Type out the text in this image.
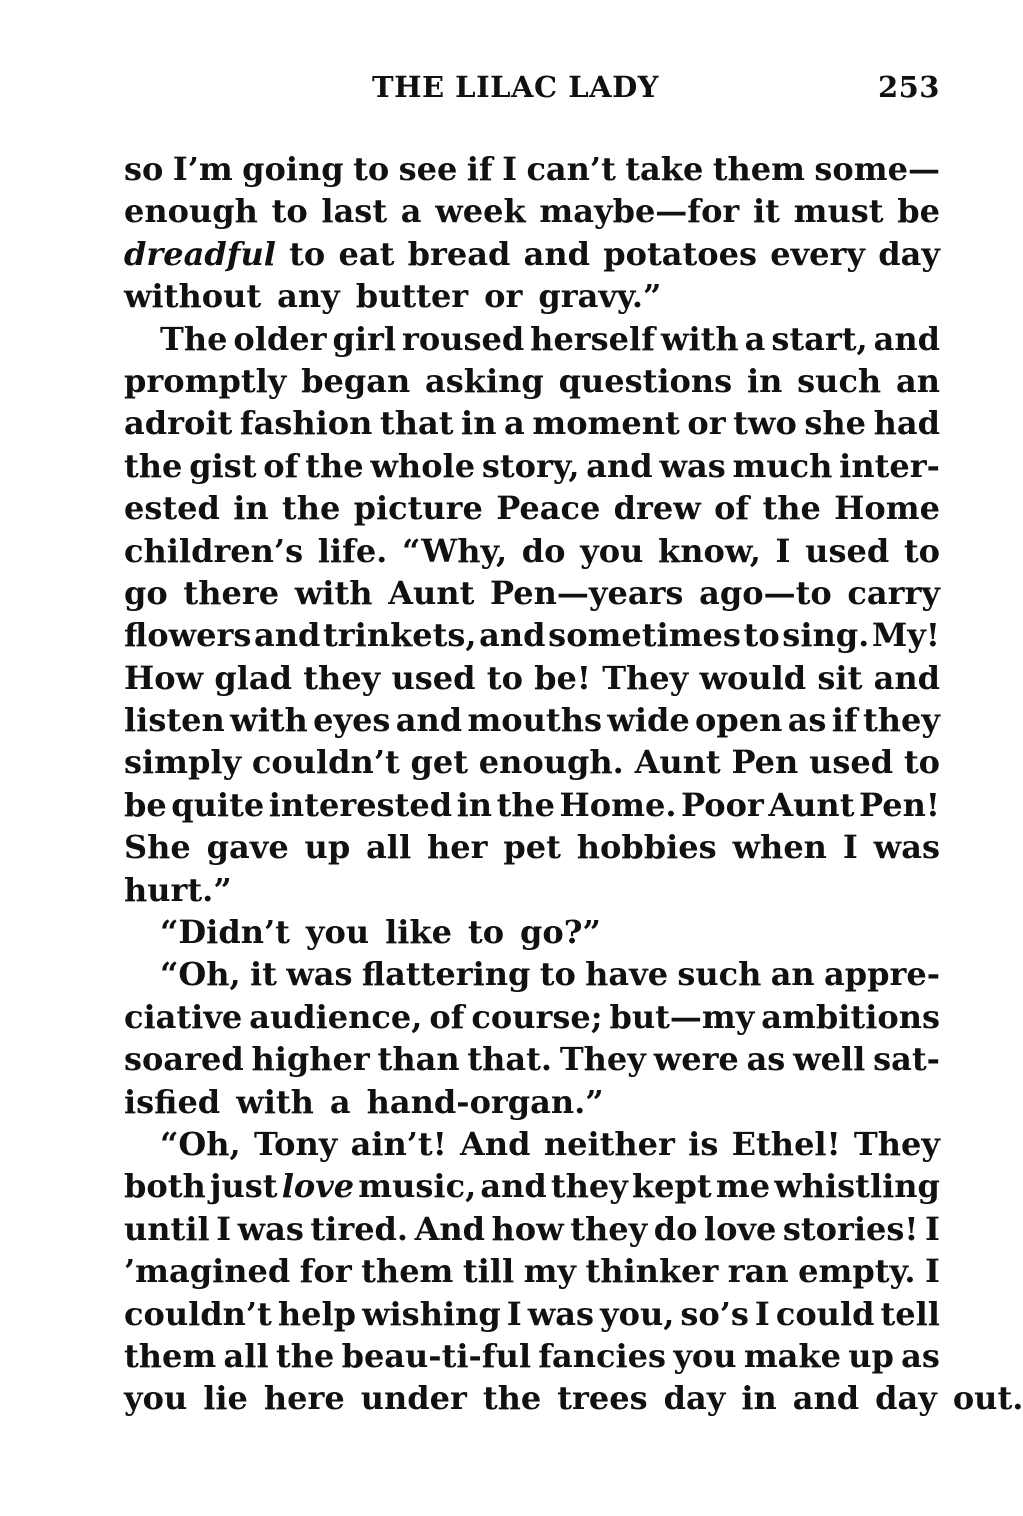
THE LILAC LADY	253
so I’m going to see if I can’t take them some—
enough to last a week maybe—for it must be
dreadful to eat bread and potatoes every day
without any butter or gravy.”
The older girl roused herself with a start, and
promptly began asking questions in such an
adroit fashion that in a moment or two she had
the gist of the whole story, and was much inter-
ested in the picture Peace drew of the Home
children’s life. “Why, do you know, I used to
go there with Aunt Pen—years ago—to carry
flowers and trinkets, and sometimes to sing. My!
How glad they used to be! They would sit and
listen with eyes and mouths wide open as if they
simply couldn’t get enough. Aunt Pen used to
be quite interested in the Home. Poor Aunt Pen!
She gave up all her pet hobbies when I was
hurt.”
“Didn’t you like to go?”
“Oh, it was flattering to have such an appre-
ciative audience, of course; but—my ambitions
soared higher than that. They were as well sat-
isfied with a hand-organ.”
“Oh, Tony ain’t! And neither is Ethel! They
both just love music, and they kept me whistling
until I was tired. And how they do love stories! I
’magined for them till my thinker ran empty. I
couldn’t help wishing I was you, so’s I could tell
them all the beau-ti-ful fancies you make up as
you lie here under the trees day in and day out.
